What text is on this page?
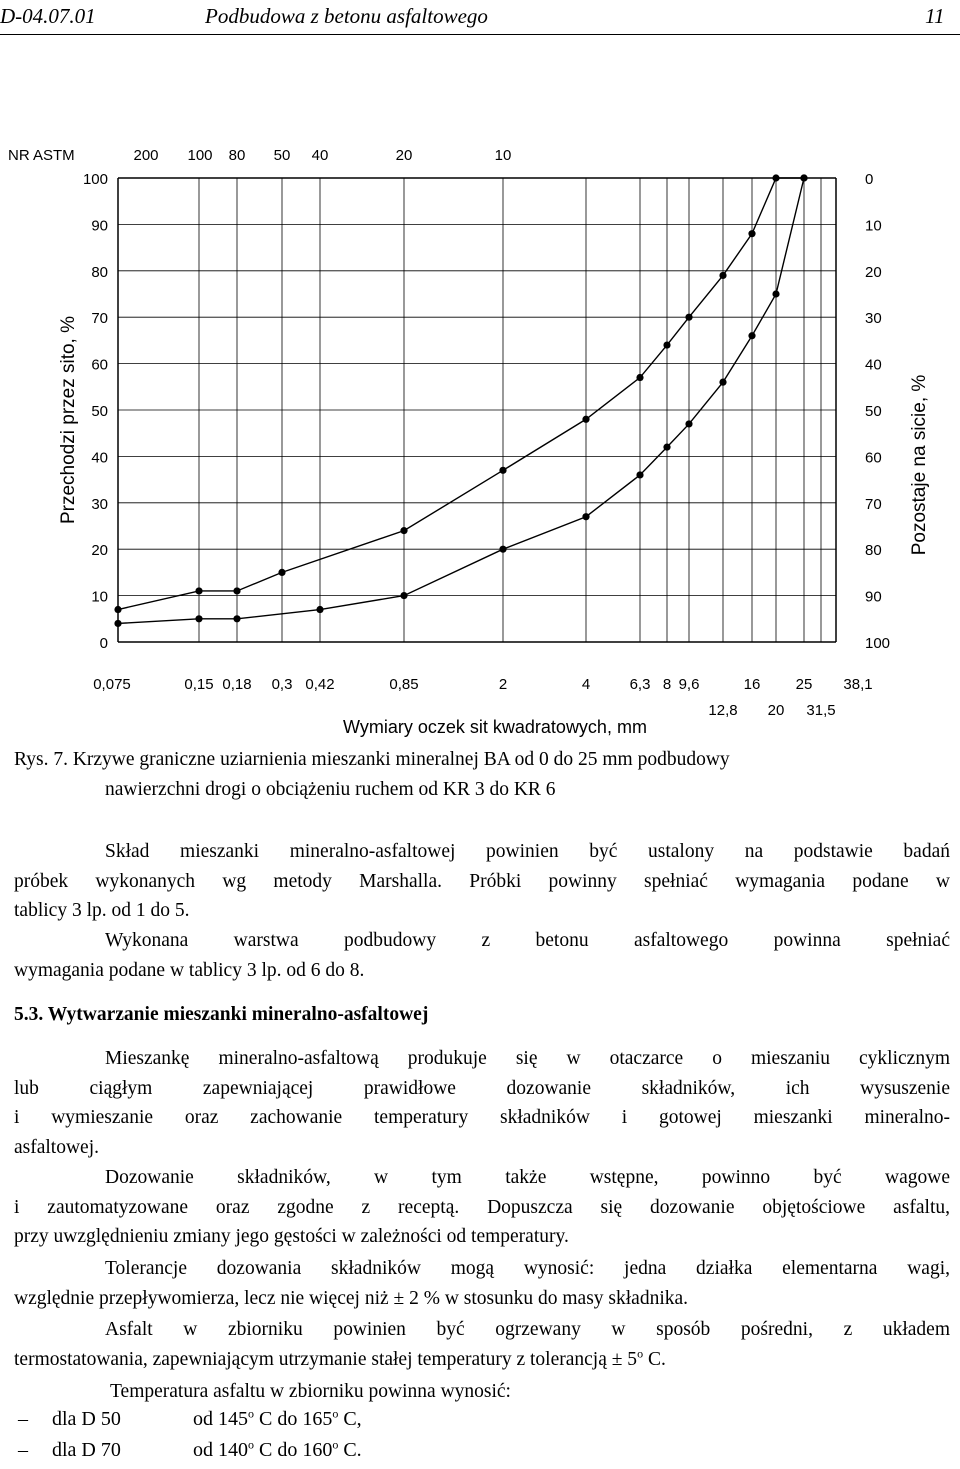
D-04.07.01	Podbudowa z betonu asfaltowego	11
0
10
20
30
40
50
60
70
80
90
100
100
90
80
70
60
50
40
30
20
10
0
NR ASTM	200 100 80 50 40	20	10
0,075	0,15 0,18 0,3 0,42	0,85	2	4	6,3 8 9,6	16 25 38,1
12,8 20 31,5
Wymiary oczek sit kwadratowych, mm
Przechodzi przez sito, %	Pozostaje na sicie, %
Rys. 7. Krzywe graniczne uziarnienia mieszanki mineralnej BA od 0 do 25 mm podbudowy
nawierzchni drogi o obciążeniu ruchem od KR 3 do KR 6
Skład mieszanki mineralno-asfaltowej powinien być ustalony na podstawie badań
próbek wykonanych wg metody Marshalla. Próbki powinny spełniać wymagania podane w
tablicy 3 lp. od 1 do 5.
Wykonana warstwa podbudowy z betonu asfaltowego powinna spełniać
wymagania podane w tablicy 3 lp. od 6 do 8.
5.3. Wytwarzanie mieszanki mineralno-asfaltowej
Mieszankę mineralno-asfaltową produkuje się w otaczarce o mieszaniu cyklicznym
lub ciągłym zapewniającej prawidłowe dozowanie składników, ich wysuszenie
i wymieszanie oraz zachowanie temperatury składników i gotowej mieszanki mineralno-
asfaltowej.
Dozowanie składników, w tym także wstępne, powinno być wagowe
i zautomatyzowane oraz zgodne z receptą. Dopuszcza się dozowanie objętościowe asfaltu,
przy uwzględnieniu zmiany jego gęstości w zależności od temperatury.
Tolerancje dozowania składników mogą wynosić: jedna działka elementarna wagi,
względnie przepływomierza, lecz nie więcej niż ± 2 % w stosunku do masy składnika.
Asfalt w zbiorniku powinien być ogrzewany w sposób pośredni, z układem
termostatowania, zapewniającym utrzymanie stałej temperatury z tolerancją ± $5^o$ C.
Temperatura asfaltu w zbiorniku powinna wynosić:
– dla D 50	od 145$^o$ C do 165$^o$ C,
– dla D 70	od 140$^o$ C do 160$^o$ C.
